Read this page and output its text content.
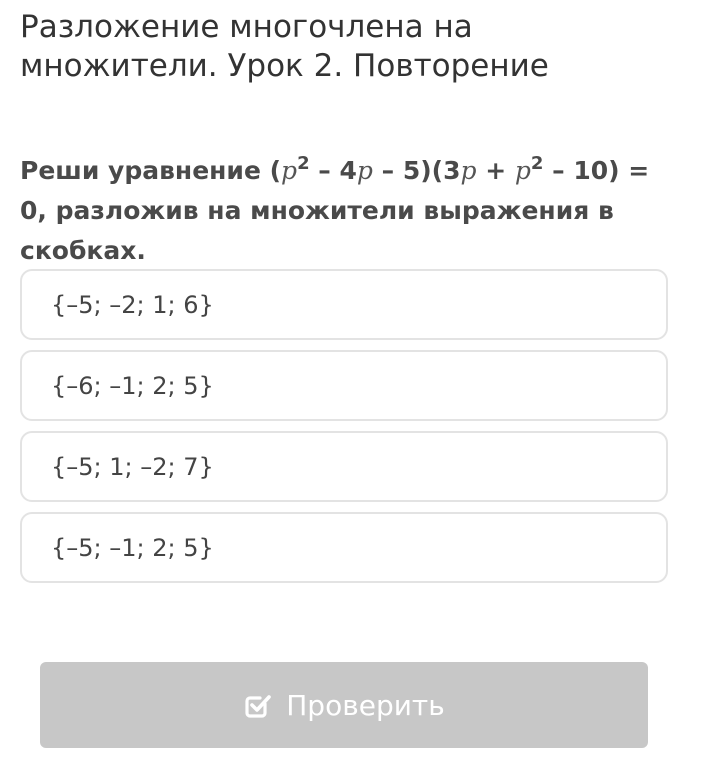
Разложение многочлена на множители. Урок 2. Повторение

Реши уравнение $(p^2 - 4p - 5)(3p + p^2 - 10) = 0$, разложив на множители выражения в скобках.

{–5; –2; 1; 6}
{–6; –1; 2; 5}
{–5; 1; –2; 7}
{–5; –1; 2; 5}
Проверить
